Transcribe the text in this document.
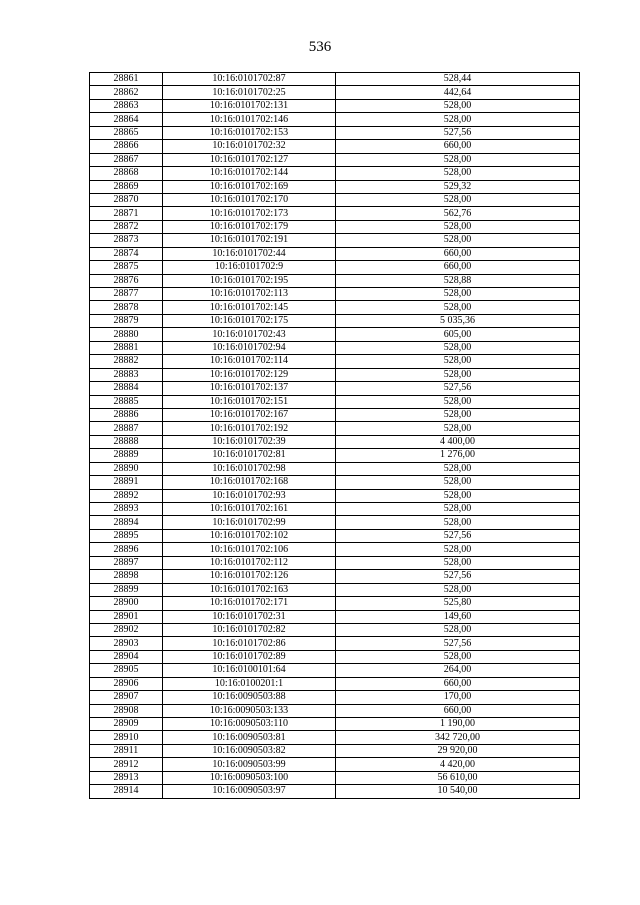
536
28861	10:16:0101702:87	528,44
28862	10:16:0101702:25	442,64
28863	10:16:0101702:131	528,00
28864	10:16:0101702:146	528,00
28865	10:16:0101702:153	527,56
28866	10:16:0101702:32	660,00
28867	10:16:0101702:127	528,00
28868	10:16:0101702:144	528,00
28869	10:16:0101702:169	529,32
28870	10:16:0101702:170	528,00
28871	10:16:0101702:173	562,76
28872	10:16:0101702:179	528,00
28873	10:16:0101702:191	528,00
28874	10:16:0101702:44	660,00
28875	10:16:0101702:9	660,00
28876	10:16:0101702:195	528,88
28877	10:16:0101702:113	528,00
28878	10:16:0101702:145	528,00
28879	10:16:0101702:175	5 035,36
28880	10:16:0101702:43	605,00
28881	10:16:0101702:94	528,00
28882	10:16:0101702:114	528,00
28883	10:16:0101702:129	528,00
28884	10:16:0101702:137	527,56
28885	10:16:0101702:151	528,00
28886	10:16:0101702:167	528,00
28887	10:16:0101702:192	528,00
28888	10:16:0101702:39	4 400,00
28889	10:16:0101702:81	1 276,00
28890	10:16:0101702:98	528,00
28891	10:16:0101702:168	528,00
28892	10:16:0101702:93	528,00
28893	10:16:0101702:161	528,00
28894	10:16:0101702:99	528,00
28895	10:16:0101702:102	527,56
28896	10:16:0101702:106	528,00
28897	10:16:0101702:112	528,00
28898	10:16:0101702:126	527,56
28899	10:16:0101702:163	528,00
28900	10:16:0101702:171	525,80
28901	10:16:0101702:31	149,60
28902	10:16:0101702:82	528,00
28903	10:16:0101702:86	527,56
28904	10:16:0101702:89	528,00
28905	10:16:0100101:64	264,00
28906	10:16:0100201:1	660,00
28907	10:16:0090503:88	170,00
28908	10:16:0090503:133	660,00
28909	10:16:0090503:110	1 190,00
28910	10:16:0090503:81	342 720,00
28911	10:16:0090503:82	29 920,00
28912	10:16:0090503:99	4 420,00
28913	10:16:0090503:100	56 610,00
28914	10:16:0090503:97	10 540,00
